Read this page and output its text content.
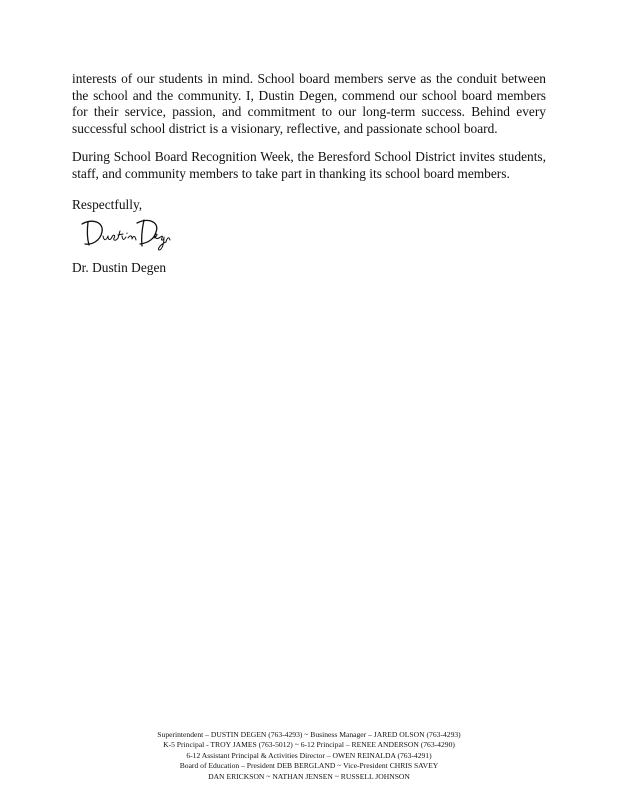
interests of our students in mind. School board members serve as the conduit between the school and the community. I, Dustin Degen, commend our school board members for their service, passion, and commitment to our long-term success. Behind every successful school district is a visionary, reflective, and passionate school board.

During School Board Recognition Week, the Beresford School District invites students, staff, and community members to take part in thanking its school board members.

Respectfully,

Dr. Dustin Degen

Superintendent – DUSTIN DEGEN (763-4293) ~ Business Manager – JARED OLSON (763-4293)
K-5 Principal - TROY JAMES (763-5012) ~ 6-12 Principal – RENEE ANDERSON (763-4290)
6-12 Assistant Principal & Activities Director – OWEN REINALDA (763-4291)
Board of Education – President DEB BERGLAND ~ Vice-President CHRIS SAVEY
DAN ERICKSON ~ NATHAN JENSEN ~ RUSSELL JOHNSON
